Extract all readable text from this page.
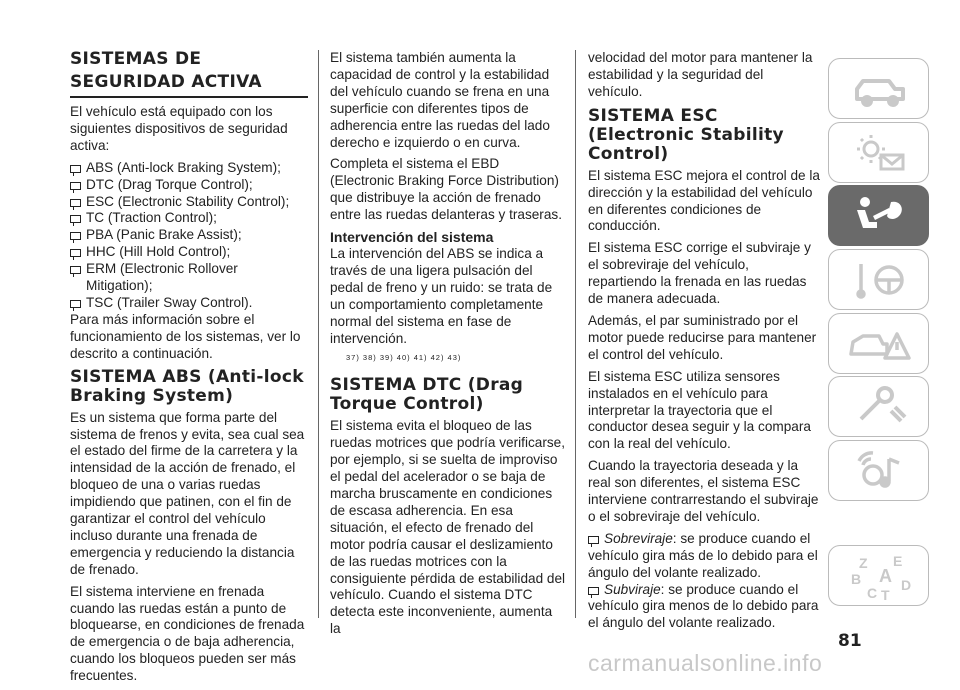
SISTEMAS DE
SEGURIDAD ACTIVA

El vehículo está equipado con los siguientes dispositivos de seguridad activa:

ABS (Anti-lock Braking System);
DTC (Drag Torque Control);
ESC (Electronic Stability Control);
TC (Traction Control);
PBA (Panic Brake Assist);
HHC (Hill Hold Control);
ERM (Electronic Rollover Mitigation);
TSC (Trailer Sway Control).

Para más información sobre el funcionamiento de los sistemas, ver lo descrito a continuación.

SISTEMA ABS (Anti-lock Braking System)

Es un sistema que forma parte del sistema de frenos y evita, sea cual sea el estado del firme de la carretera y la intensidad de la acción de frenado, el bloqueo de una o varias ruedas impidiendo que patinen, con el fin de garantizar el control del vehículo incluso durante una frenada de emergencia y reduciendo la distancia de frenado.

El sistema interviene en frenada cuando las ruedas están a punto de bloquearse, en condiciones de frenada de emergencia o de baja adherencia, cuando los bloqueos pueden ser más frecuentes.

El sistema también aumenta la capacidad de control y la estabilidad del vehículo cuando se frena en una superficie con diferentes tipos de adherencia entre las ruedas del lado derecho e izquierdo o en curva.

Completa el sistema el EBD (Electronic Braking Force Distribution) que distribuye la acción de frenado entre las ruedas delanteras y traseras.

Intervención del sistema

La intervención del ABS se indica a través de una ligera pulsación del pedal de freno y un ruido: se trata de un comportamiento completamente normal del sistema en fase de intervención.

37) 38) 39) 40) 41) 42) 43)
SISTEMA DTC (Drag Torque Control)

El sistema evita el bloqueo de las ruedas motrices que podría verificarse, por ejemplo, si se suelta de improviso el pedal del acelerador o se baja de marcha bruscamente en condiciones de escasa adherencia. En esa situación, el efecto de frenado del motor podría causar el deslizamiento de las ruedas motrices con la consiguiente pérdida de estabilidad del vehículo. Cuando el sistema DTC detecta este inconveniente, aumenta la

velocidad del motor para mantener la estabilidad y la seguridad del vehículo.

SISTEMA ESC (Electronic Stability Control)

El sistema ESC mejora el control de la dirección y la estabilidad del vehículo en diferentes condiciones de conducción.

El sistema ESC corrige el subviraje y el sobreviraje del vehículo, repartiendo la frenada en las ruedas de manera adecuada.

Además, el par suministrado por el motor puede reducirse para mantener el control del vehículo.

El sistema ESC utiliza sensores instalados en el vehículo para interpretar la trayectoria que el conductor desea seguir y la compara con la real del vehículo.

Cuando la trayectoria deseada y la real son diferentes, el sistema ESC interviene contrarrestando el subviraje o el sobreviraje del vehículo.

Sobreviraje: se produce cuando el vehículo gira más de lo debido para el ángulo del volante realizado.
Subviraje: se produce cuando el vehículo gira menos de lo debido para el ángulo del volante realizado.
Z E
B A
C T
D
81
carmanualsonline.info
